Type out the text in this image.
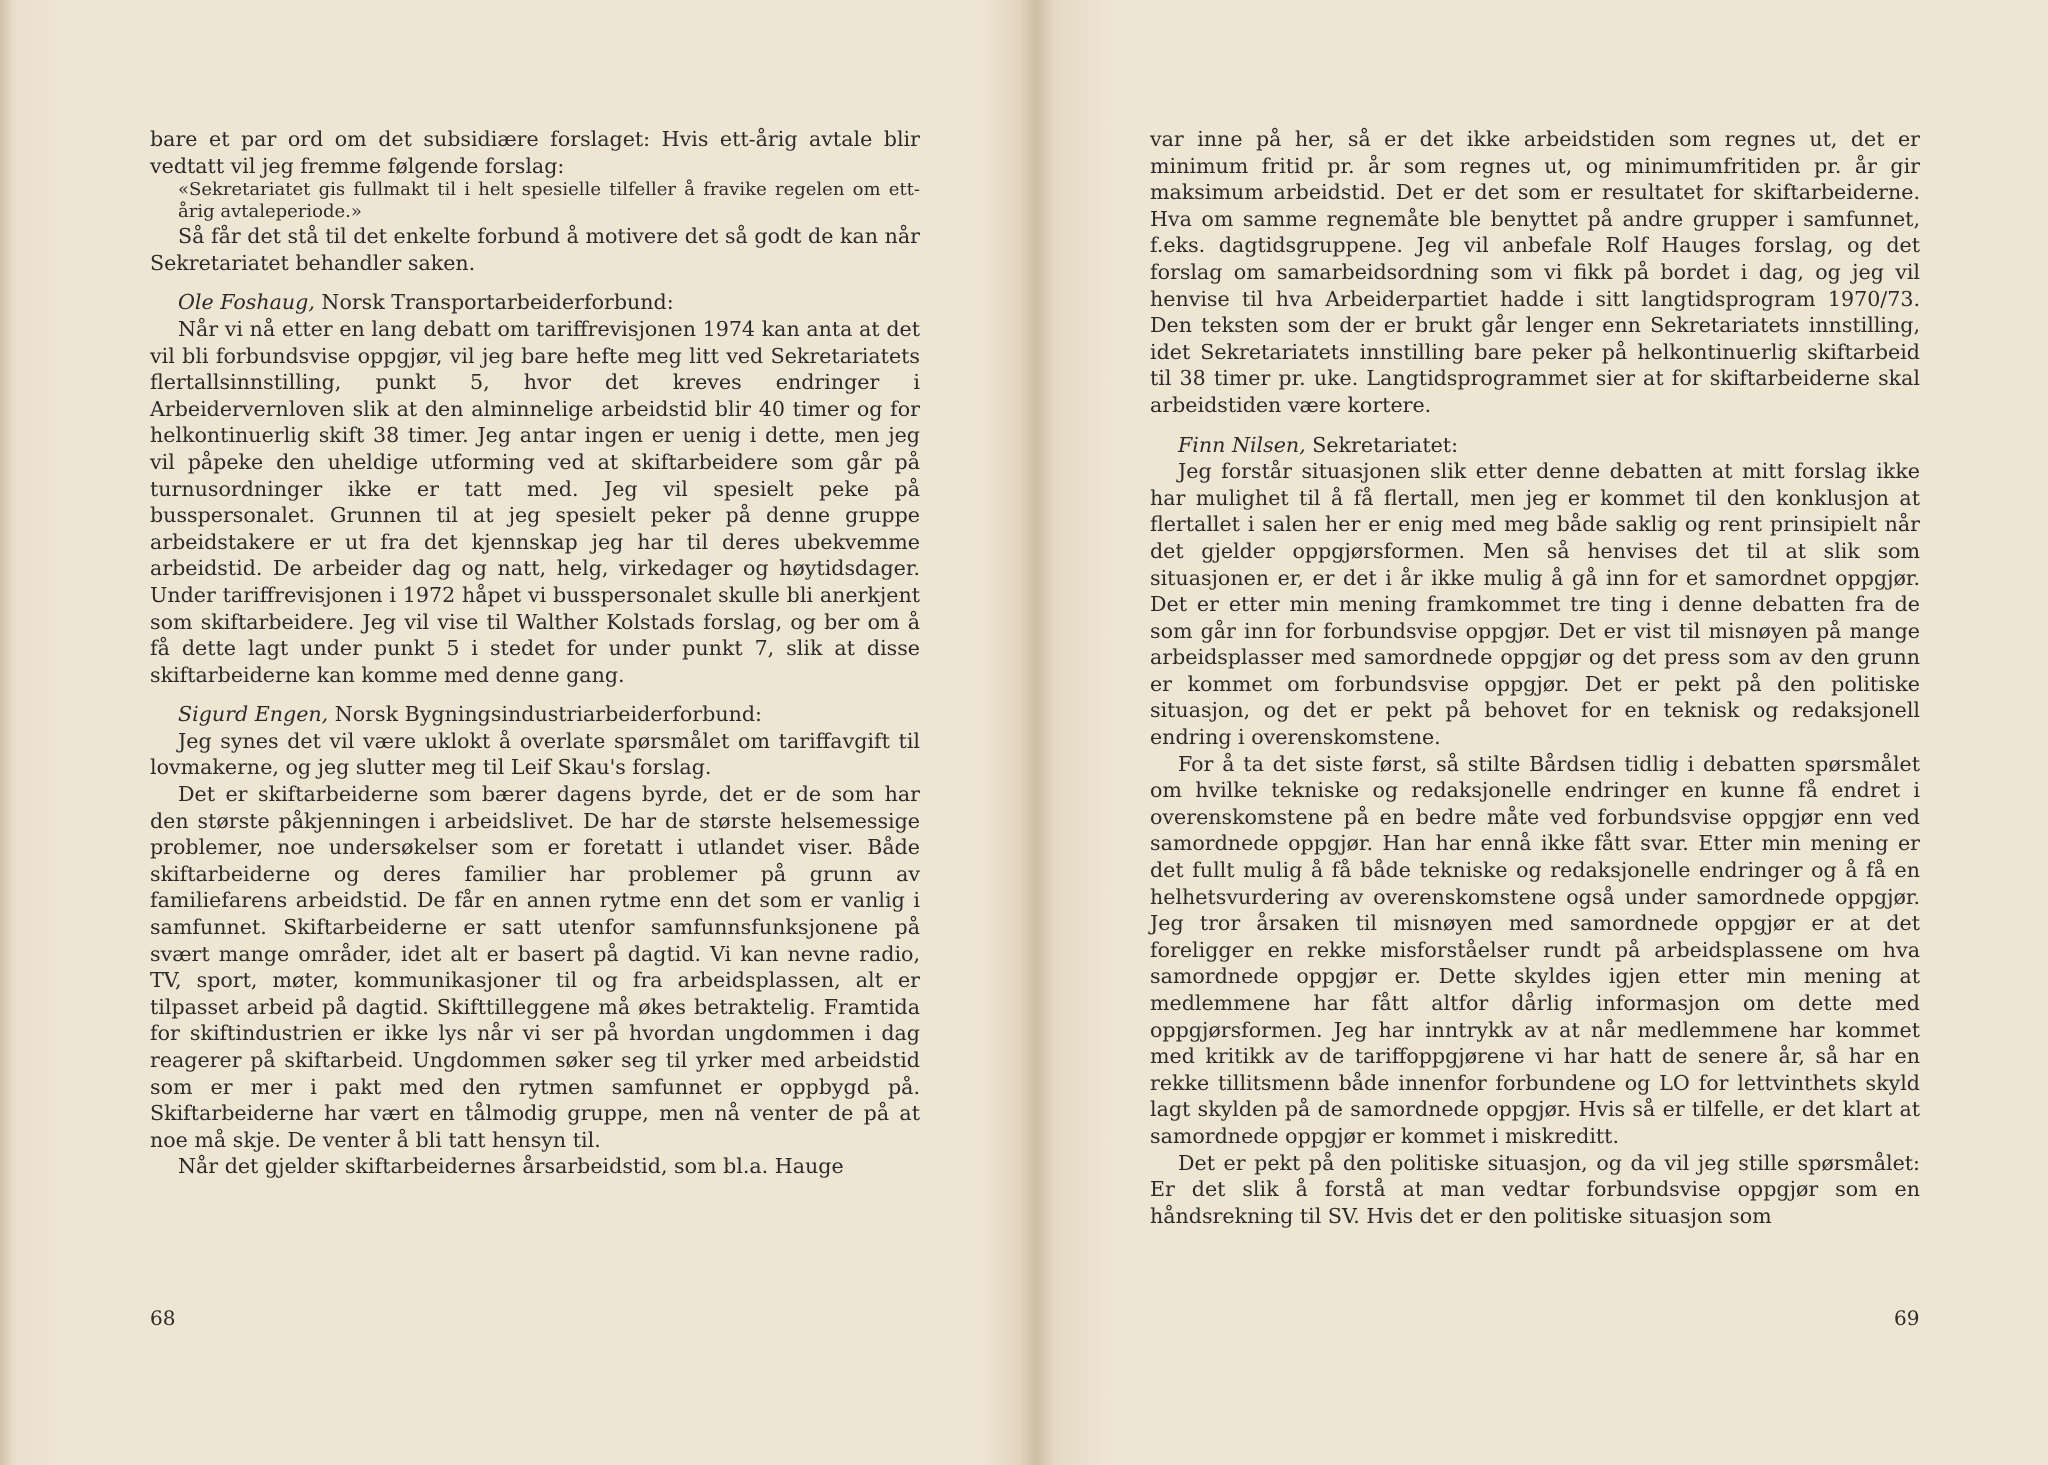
bare et par ord om det subsidiære forslaget: Hvis ett-årig avtale blir vedtatt vil jeg fremme følgende forslag:

«Sekretariatet gis fullmakt til i helt spesielle tilfeller å fravike regelen om ett-årig avtaleperiode.»

Så får det stå til det enkelte forbund å motivere det så godt de kan når Sekretariatet behandler saken.

Ole Foshaug, Norsk Transportarbeiderforbund:

Når vi nå etter en lang debatt om tariffrevisjonen 1974 kan anta at det vil bli forbundsvise oppgjør, vil jeg bare hefte meg litt ved Sekretariatets flertallsinnstilling, punkt 5, hvor det kreves endringer i Arbeidervernloven slik at den alminnelige arbeidstid blir 40 timer og for helkontinuerlig skift 38 timer. Jeg antar ingen er uenig i dette, men jeg vil påpeke den uheldige utforming ved at skiftarbeidere som går på turnusordninger ikke er tatt med. Jeg vil spesielt peke på busspersonalet. Grunnen til at jeg spesielt peker på denne gruppe arbeidstakere er ut fra det kjennskap jeg har til deres ubekvemme arbeidstid. De arbeider dag og natt, helg, virkedager og høytidsdager. Under tariffrevisjonen i 1972 håpet vi busspersonalet skulle bli anerkjent som skiftarbeidere. Jeg vil vise til Walther Kolstads forslag, og ber om å få dette lagt under punkt 5 i stedet for under punkt 7, slik at disse skiftarbeiderne kan komme med denne gang.

Sigurd Engen, Norsk Bygningsindustriarbeiderforbund:

Jeg synes det vil være uklokt å overlate spørsmålet om tariffavgift til lovmakerne, og jeg slutter meg til Leif Skau's forslag.

Det er skiftarbeiderne som bærer dagens byrde, det er de som har den største påkjenningen i arbeidslivet. De har de største helsemessige problemer, noe undersøkelser som er foretatt i utlandet viser. Både skiftarbeiderne og deres familier har problemer på grunn av familiefarens arbeidstid. De får en annen rytme enn det som er vanlig i samfunnet. Skiftarbeiderne er satt utenfor samfunnsfunksjonene på svært mange områder, idet alt er basert på dagtid. Vi kan nevne radio, TV, sport, møter, kommunikasjoner til og fra arbeidsplassen, alt er tilpasset arbeid på dagtid. Skifttilleggene må økes betraktelig. Framtida for skiftindustrien er ikke lys når vi ser på hvordan ungdommen i dag reagerer på skiftarbeid. Ungdommen søker seg til yrker med arbeidstid som er mer i pakt med den rytmen samfunnet er oppbygd på. Skiftarbeiderne har vært en tålmodig gruppe, men nå venter de på at noe må skje. De venter å bli tatt hensyn til.

Når det gjelder skiftarbeidernes årsarbeidstid, som bl.a. Hauge

68

var inne på her, så er det ikke arbeidstiden som regnes ut, det er minimum fritid pr. år som regnes ut, og minimumfritiden pr. år gir maksimum arbeidstid. Det er det som er resultatet for skiftarbeiderne. Hva om samme regnemåte ble benyttet på andre grupper i samfunnet, f.eks. dagtidsgruppene. Jeg vil anbefale Rolf Hauges forslag, og det forslag om samarbeidsordning som vi fikk på bordet i dag, og jeg vil henvise til hva Arbeiderpartiet hadde i sitt langtidsprogram 1970/73. Den teksten som der er brukt går lenger enn Sekretariatets innstilling, idet Sekretariatets innstilling bare peker på helkontinuerlig skiftarbeid til 38 timer pr. uke. Langtidsprogrammet sier at for skiftarbeiderne skal arbeidstiden være kortere.

Finn Nilsen, Sekretariatet:

Jeg forstår situasjonen slik etter denne debatten at mitt forslag ikke har mulighet til å få flertall, men jeg er kommet til den konklusjon at flertallet i salen her er enig med meg både saklig og rent prinsipielt når det gjelder oppgjørsformen. Men så henvises det til at slik som situasjonen er, er det i år ikke mulig å gå inn for et samordnet oppgjør. Det er etter min mening framkommet tre ting i denne debatten fra de som går inn for forbundsvise oppgjør. Det er vist til misnøyen på mange arbeidsplasser med samordnede oppgjør og det press som av den grunn er kommet om forbundsvise oppgjør. Det er pekt på den politiske situasjon, og det er pekt på behovet for en teknisk og redaksjonell endring i overenskomstene.

For å ta det siste først, så stilte Bårdsen tidlig i debatten spørsmålet om hvilke tekniske og redaksjonelle endringer en kunne få endret i overenskomstene på en bedre måte ved forbundsvise oppgjør enn ved samordnede oppgjør. Han har ennå ikke fått svar. Etter min mening er det fullt mulig å få både tekniske og redaksjonelle endringer og å få en helhetsvurdering av overenskomstene også under samordnede oppgjør. Jeg tror årsaken til misnøyen med samordnede oppgjør er at det foreligger en rekke misforståelser rundt på arbeidsplassene om hva samordnede oppgjør er. Dette skyldes igjen etter min mening at medlemmene har fått altfor dårlig informasjon om dette med oppgjørsformen. Jeg har inntrykk av at når medlemmene har kommet med kritikk av de tariffoppgjørene vi har hatt de senere år, så har en rekke tillitsmenn både innenfor forbundene og LO for lettvinthets skyld lagt skylden på de samordnede oppgjør. Hvis så er tilfelle, er det klart at samordnede oppgjør er kommet i miskreditt.

Det er pekt på den politiske situasjon, og da vil jeg stille spørsmålet: Er det slik å forstå at man vedtar forbundsvise oppgjør som en håndsrekning til SV. Hvis det er den politiske situasjon som

69
